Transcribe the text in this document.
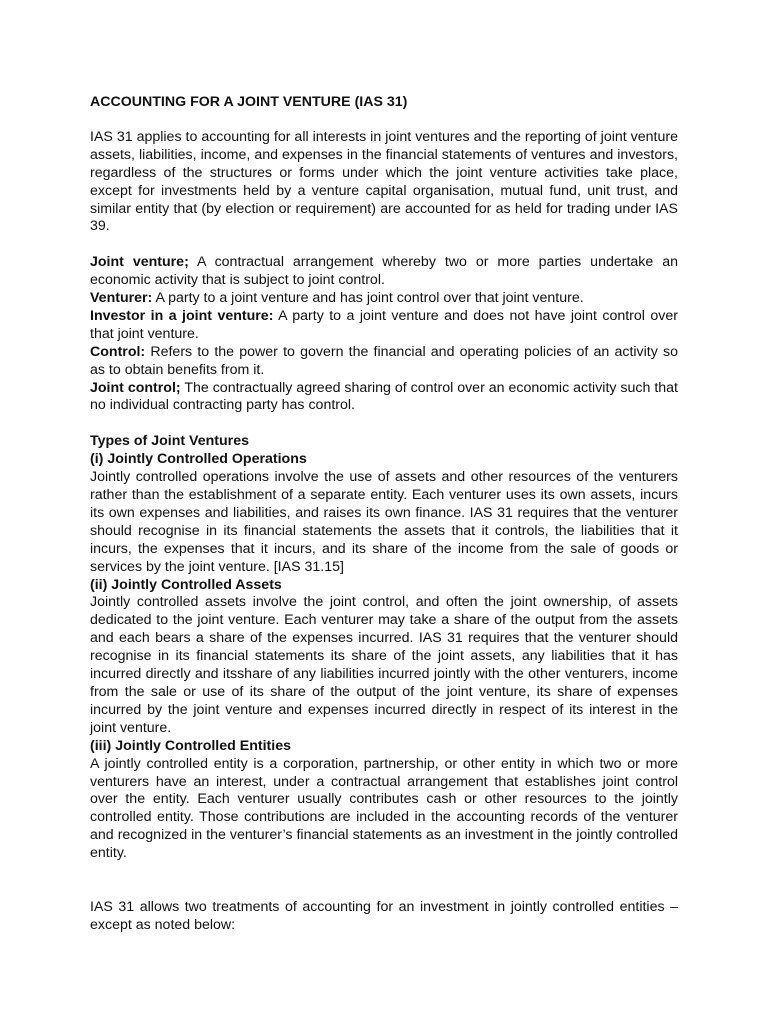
ACCOUNTING FOR A JOINT VENTURE (IAS 31)

IAS 31 applies to accounting for all interests in joint ventures and the reporting of joint venture assets, liabilities, income, and expenses in the financial statements of ventures and investors, regardless of the structures or forms under which the joint venture activities take place, except for investments held by a venture capital organisation, mutual fund, unit trust, and similar entity that (by election or requirement) are accounted for as held for trading under IAS 39.

Joint venture; A contractual arrangement whereby two or more parties undertake an economic activity that is subject to joint control.

Venturer: A party to a joint venture and has joint control over that joint venture.

Investor in a joint venture: A party to a joint venture and does not have joint control over that joint venture.

Control: Refers to the power to govern the financial and operating policies of an activity so as to obtain benefits from it.

Joint control; The contractually agreed sharing of control over an economic activity such that no individual contracting party has control.

Types of Joint Ventures

(i) Jointly Controlled Operations

Jointly controlled operations involve the use of assets and other resources of the venturers rather than the establishment of a separate entity. Each venturer uses its own assets, incurs its own expenses and liabilities, and raises its own finance. IAS 31 requires that the venturer should recognise in its financial statements the assets that it controls, the liabilities that it incurs, the expenses that it incurs, and its share of the income from the sale of goods or services by the joint venture. [IAS 31.15]

(ii) Jointly Controlled Assets

Jointly controlled assets involve the joint control, and often the joint ownership, of assets dedicated to the joint venture. Each venturer may take a share of the output from the assets and each bears a share of the expenses incurred. IAS 31 requires that the venturer should recognise in its financial statements its share of the joint assets, any liabilities that it has incurred directly and itsshare of any liabilities incurred jointly with the other venturers, income from the sale or use of its share of the output of the joint venture, its share of expenses incurred by the joint venture and expenses incurred directly in respect of its interest in the joint venture.

(iii) Jointly Controlled Entities

A jointly controlled entity is a corporation, partnership, or other entity in which two or more venturers have an interest, under a contractual arrangement that establishes joint control over the entity. Each venturer usually contributes cash or other resources to the jointly controlled entity. Those contributions are included in the accounting records of the venturer and recognized in the venturer’s financial statements as an investment in the jointly controlled entity.

IAS 31 allows two treatments of accounting for an investment in jointly controlled entities – except as noted below:
